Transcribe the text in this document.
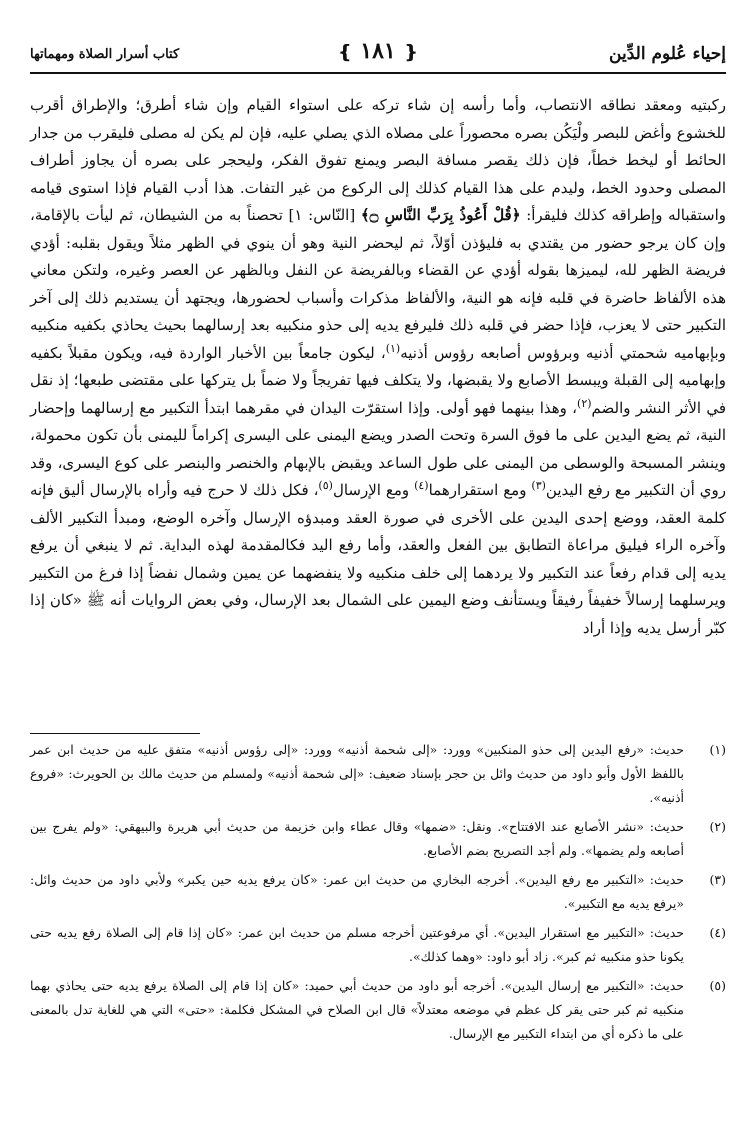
إحياء عُلوم الدِّين
كتاب أسرار الصلاة ومهماتها	❴ ١٨١ ❵

ركبتيه ومعقد نطاقه الانتصاب، وأما رأسه إن شاء تركه على استواء القيام وإن شاء أطرق؛ والإطراق أقرب للخشوع وأغض للبصر ولْيَكُن بصره محصوراً على مصلاه الذي يصلي عليه، فإن لم يكن له مصلى فليقرب من جدار الحائط أو ليخط خطاً، فإن ذلك يقصر مسافة البصر ويمنع تفوق الفكر، وليحجر على بصره أن يجاوز أطراف المصلى وحدود الخط، وليدم على هذا القيام كذلك إلى الركوع من غير التفات. هذا أدب القيام فإذا استوى قيامه واستقباله وإطراقه كذلك فليقرأ: ﴿قُلْ أَعُوذُ بِرَبِّ النَّاسِ ۝﴾ [النّاس: ١] تحصناً به من الشيطان، ثم ليأت بالإقامة، وإن كان يرجو حضور من يقتدي به فليؤذن أوّلاً، ثم ليحضر النية وهو أن ينوي في الظهر مثلاً ويقول بقلبه: أؤدي فريضة الظهر لله، ليميزها بقوله أؤدي عن القضاء وبالفريضة عن النفل وبالظهر عن العصر وغيره، ولتكن معاني هذه الألفاظ حاضرة في قلبه فإنه هو النية، والألفاظ مذكرات وأسباب لحضورها، ويجتهد أن يستديم ذلك إلى آخر التكبير حتى لا يعزب، فإذا حضر في قلبه ذلك فليرفع يديه إلى حذو منكبيه بعد إرسالهما بحيث يحاذي بكفيه منكبيه وبإبهاميه شحمتي أذنيه وبرؤوس أصابعه رؤوس أذنيه$^{(١)}$، ليكون جامعاً بين الأخبار الواردة فيه، ويكون مقبلاً بكفيه وإبهاميه إلى القبلة ويبسط الأصابع ولا يقبضها، ولا يتكلف فيها تفريجاً ولا ضماً بل يتركها على مقتضى طبعها؛ إذ نقل في الأثر النشر والضم$^{(٢)}$، وهذا بينهما فهو أولى. وإذا استقرّت اليدان في مقرهما ابتدأ التكبير مع إرسالهما وإحضار النية، ثم يضع اليدين على ما فوق السرة وتحت الصدر ويضع اليمنى على اليسرى إكراماً لليمنى بأن تكون محمولة، وينشر المسبحة والوسطى من اليمنى على طول الساعد ويقبض بالإبهام والخنصر والبنصر على كوع اليسرى، وقد روي أن التكبير مع رفع اليدين$^{(٣)}$ ومع استقرارهما$^{(٤)}$ ومع الإرسال$^{(٥)}$، فكل ذلك لا حرج فيه وأراه بالإرسال أليق فإنه كلمة العقد، ووضع إحدى اليدين على الأخرى في صورة العقد ومبدؤه الإرسال وآخره الوضع، ومبدأ التكبير الألف وآخره الراء فيليق مراعاة التطابق بين الفعل والعقد، وأما رفع اليد فكالمقدمة لهذه البداية. ثم لا ينبغي أن يرفع يديه إلى قدام رفعاً عند التكبير ولا يردهما إلى خلف منكبيه ولا ينفضهما عن يمين وشمال نفضاً إذا فرغ من التكبير ويرسلهما إرسالاً خفيفاً رفيقاً ويستأنف وضع اليمين على الشمال بعد الإرسال، وفي بعض الروايات أنه ﷺ «كان إذا كبّر أرسل يديه وإذا أراد

(١)
حديث: «رفع اليدين إلى حذو المنكبين» وورد: «إلى شحمة أذنيه» وورد: «إلى رؤوس أذنيه» متفق عليه من حديث ابن عمر باللفظ الأول وأبو داود من حديث وائل بن حجر بإسناد ضعيف: «إلى شحمة أذنيه» ولمسلم من حديث مالك بن الحويرث: «فروع أذنيه».
(٢)
حديث: «نشر الأصابع عند الافتتاح». ونقل: «ضمها» وقال عطاء وابن خزيمة من حديث أبي هريرة والبيهقي: «ولم يفرج بين أصابعه ولم يضمها». ولم أجد التصريح بضم الأصابع.
(٣)
حديث: «التكبير مع رفع اليدين». أخرجه البخاري من حديث ابن عمر: «كان يرفع يديه حين يكبر» ولأبي داود من حديث وائل: «يرفع يديه مع التكبير».
(٤)
حديث: «التكبير مع استقرار اليدين». أي مرفوعتين أخرجه مسلم من حديث ابن عمر: «كان إذا قام إلى الصلاة رفع يديه حتى يكونا حذو منكبيه ثم كبر». زاد أبو داود: «وهما كذلك».
(٥)
حديث: «التكبير مع إرسال اليدين». أخرجه أبو داود من حديث أبي حميد: «كان إذا قام إلى الصلاة يرفع يديه حتى يحاذي بهما منكبيه ثم كبر حتى يقر كل عظم في موضعه معتدلاً» قال ابن الصلاح في المشكل فكلمة: «حتى» التي هي للغاية تدل بالمعنى على ما ذكره أي من ابتداء التكبير مع الإرسال.
